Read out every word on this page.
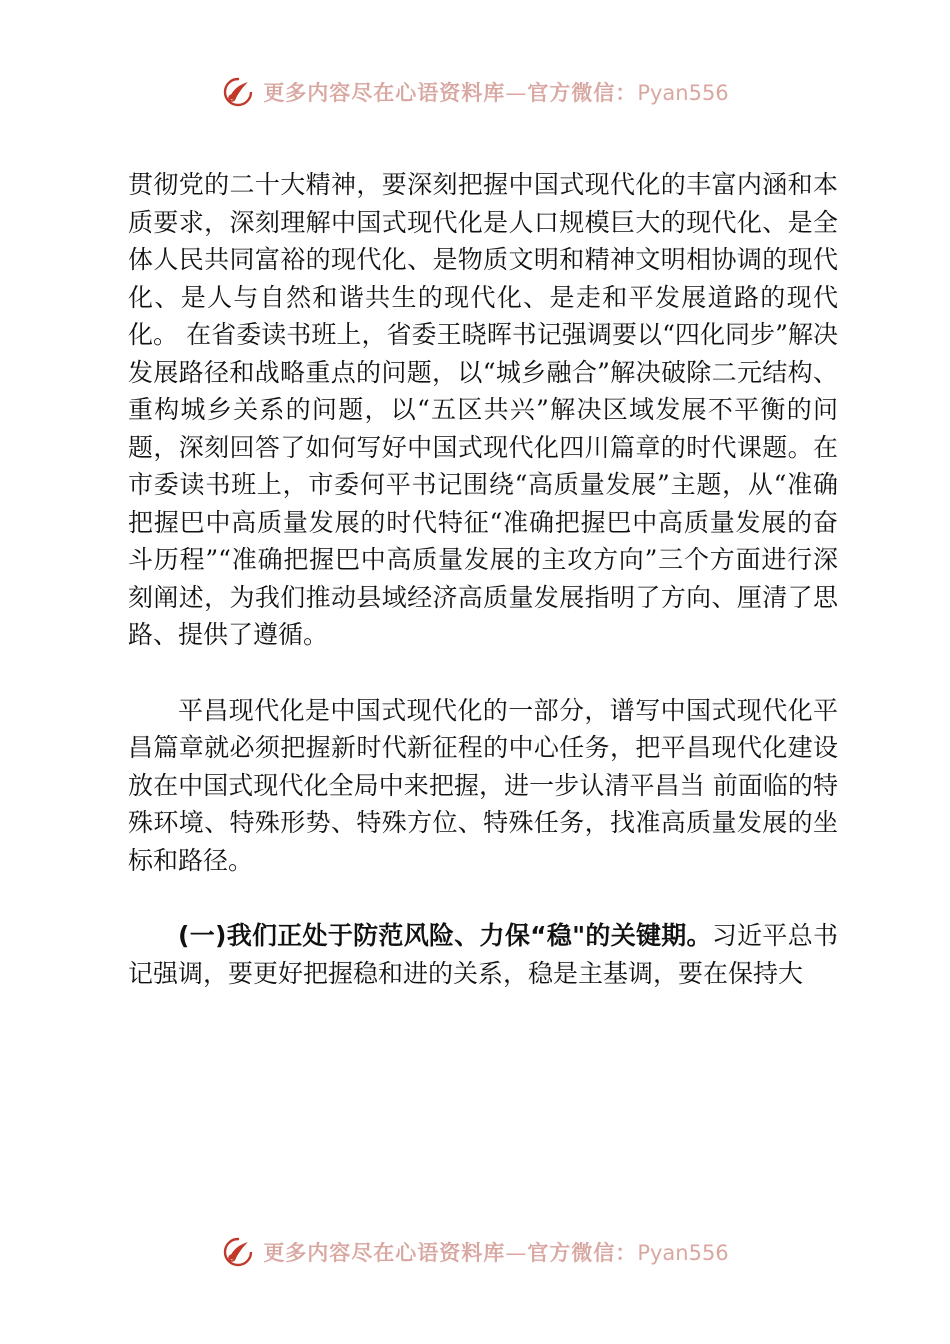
更多内容尽在心语资料库—官方微信：Pyan556

贯彻党的二十大精神，要深刻把握中国式现代化的丰富内涵和本质要求，深刻理解中国式现代化是人口规模巨大的现代化、是全体人民共同富裕的现代化、是物质文明和精神文明相协调的现代化、是人与自然和谐共生的现代化、是走和平发展道路的现代化。 在省委读书班上，省委王晓晖书记强调要以“四化同步”解决发展路径和战略重点的问题，以“城乡融合”解决破除二元结构、重构城乡关系的问题，以“五区共兴”解决区域发展不平衡的问题，深刻回答了如何写好中国式现代化四川篇章的时代课题。在市委读书班上，市委何平书记围绕“高质量发展”主题，从“准确把握巴中高质量发展的时代特征“准确把握巴中高质量发展的奋斗历程”“准确把握巴中高质量发展的主攻方向”三个方面进行深刻阐述，为我们推动县域经济高质量发展指明了方向、厘清了思路、提供了遵循。

平昌现代化是中国式现代化的一部分，谱写中国式现代化平昌篇章就必须把握新时代新征程的中心任务，把平昌现代化建设放在中国式现代化全局中来把握，进一步认清平昌当 前面临的特殊环境、特殊形势、特殊方位、特殊任务，找准高质量发展的坐标和路径。

(一)我们正处于防范风险、力保“稳"的关键期。习近平总书记强调，要更好把握稳和进的关系，稳是主基调，要在保持大

更多内容尽在心语资料库—官方微信：Pyan556
